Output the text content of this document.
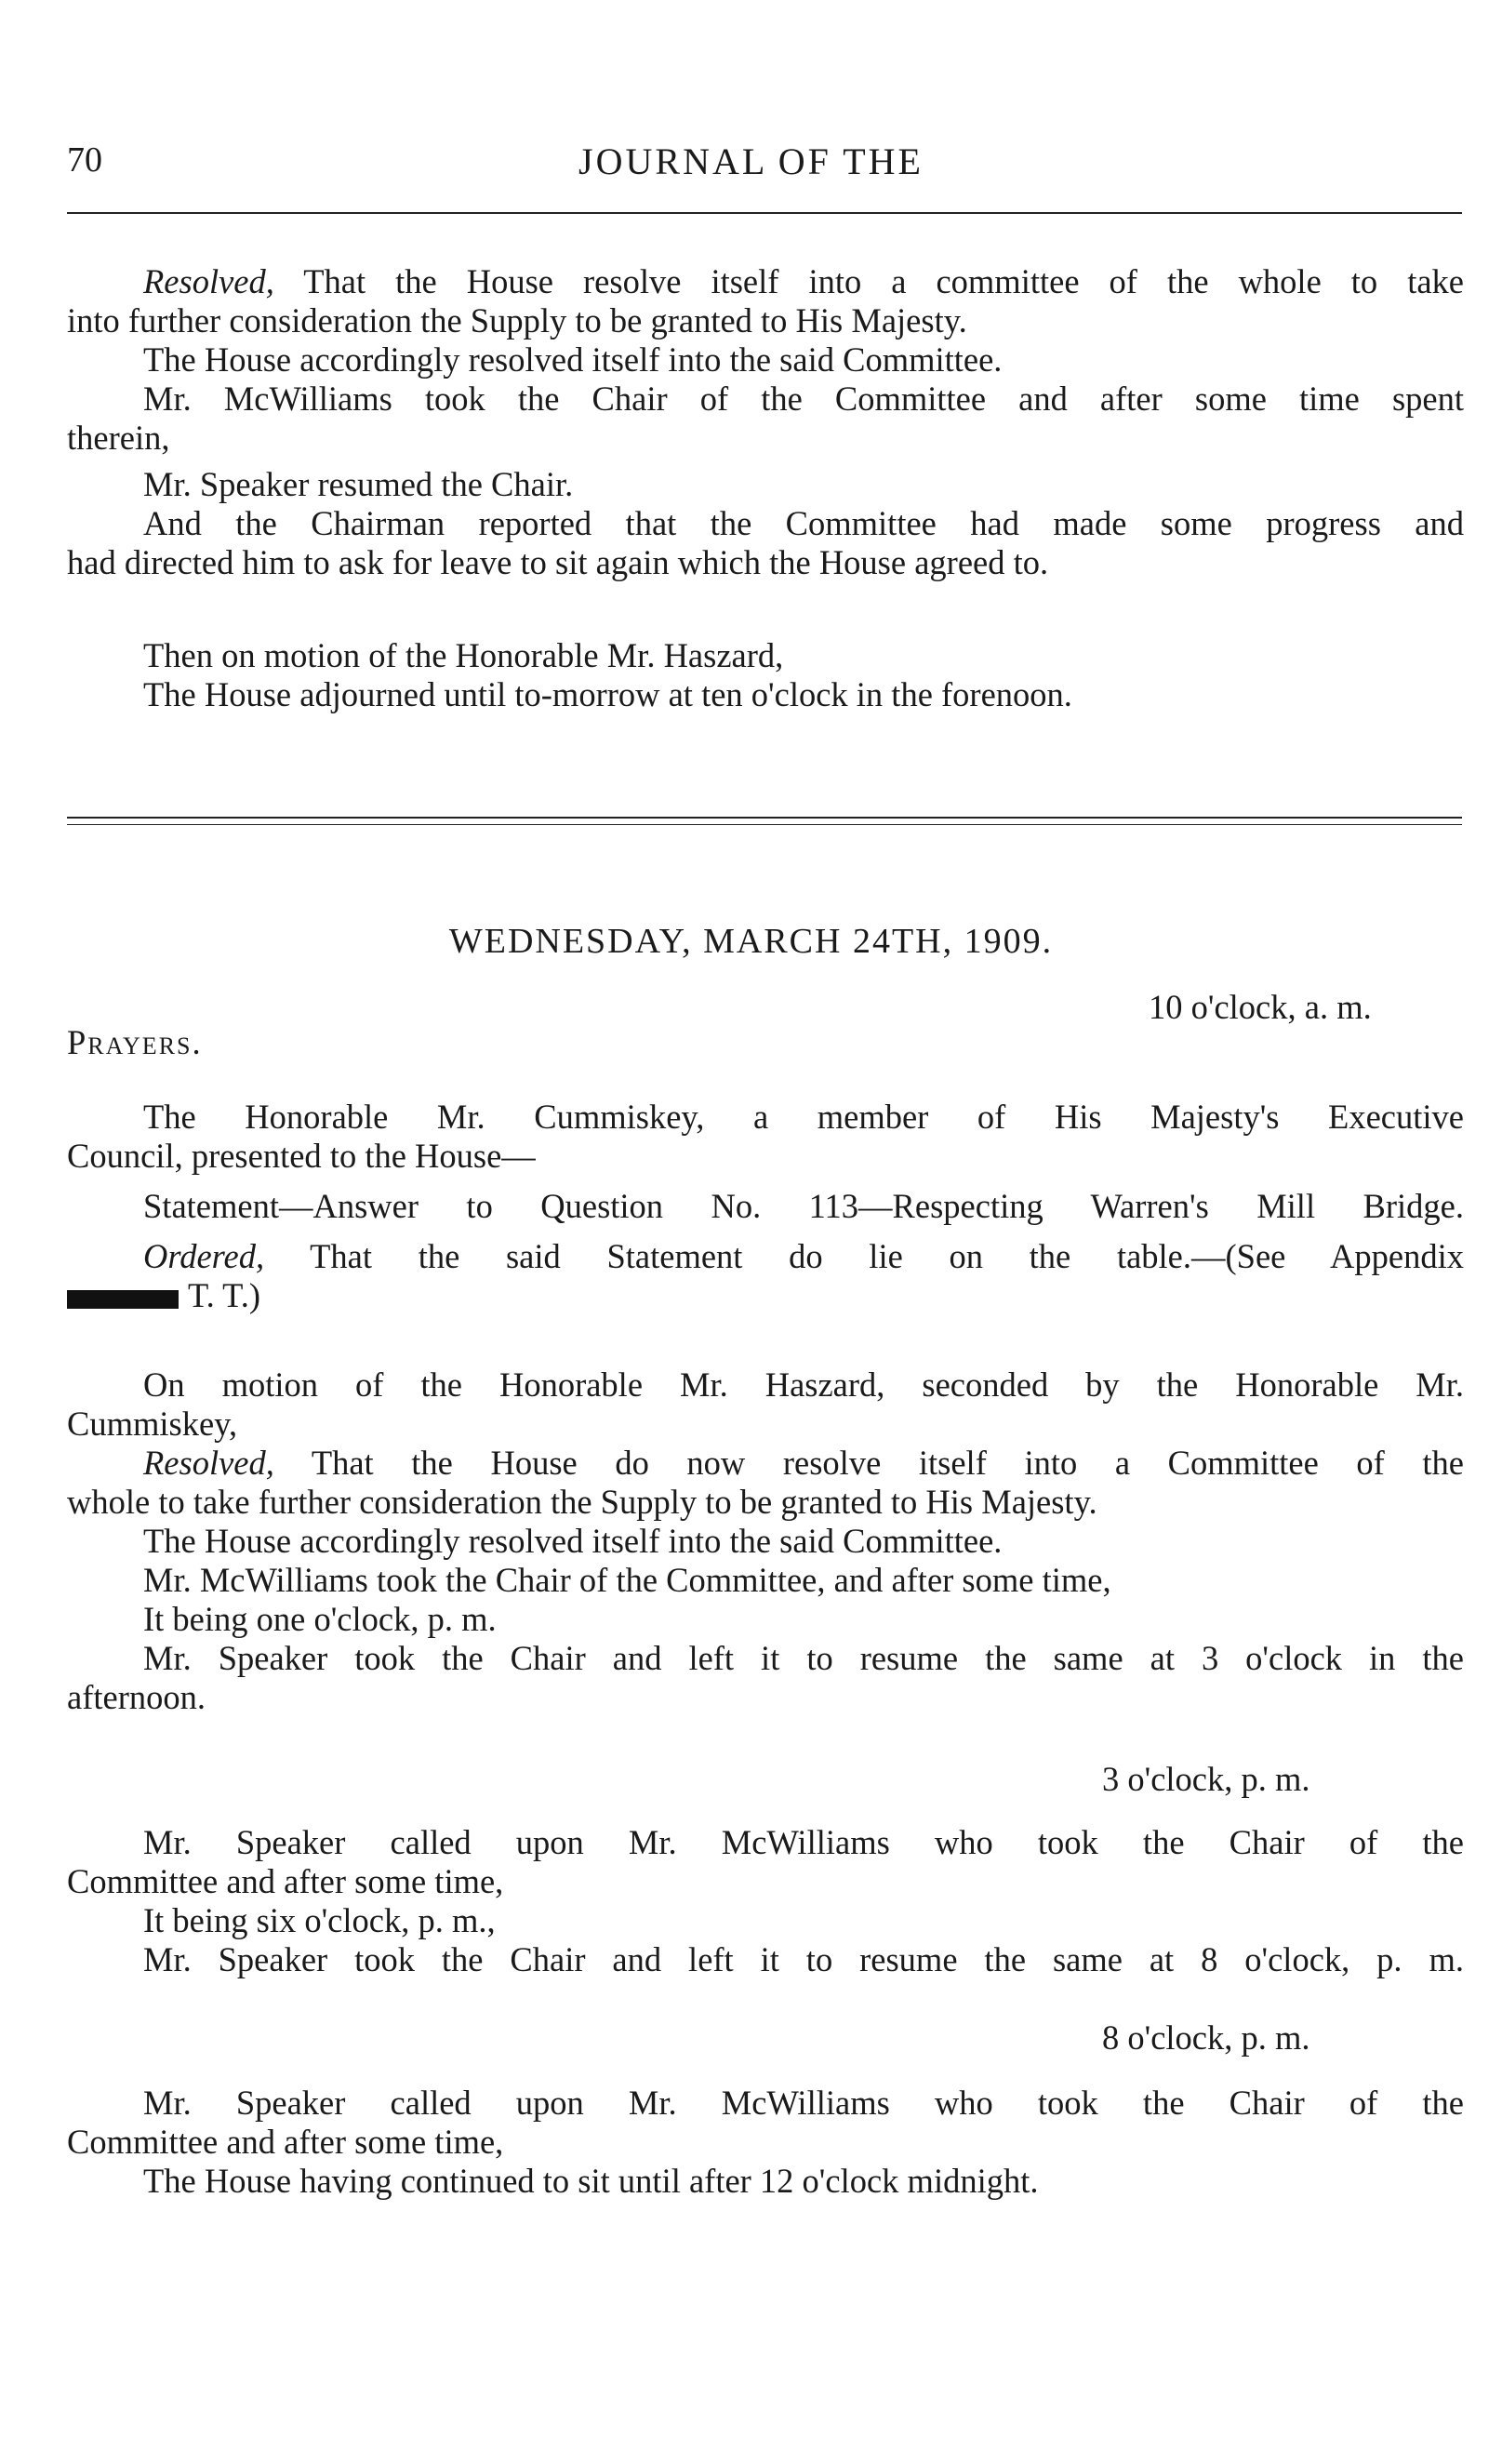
70	JOURNAL OF THE
Resolved, That the House resolve itself into a committee of the whole to take
into further consideration the Supply to be granted to His Majesty.
The House accordingly resolved itself into the said Committee.
Mr. McWilliams took the Chair of the Committee and after some time spent
therein,
Mr. Speaker resumed the Chair.
And the Chairman reported that the Committee had made some progress and
had directed him to ask for leave to sit again which the House agreed to.
Then on motion of the Honorable Mr. Haszard,
The House adjourned until to-morrow at ten o'clock in the forenoon.
WEDNESDAY, MARCH 24TH, 1909.
10 o'clock, a. m.
Prayers.
The Honorable Mr. Cummiskey, a member of His Majesty's Executive
Council, presented to the House—
Statement—Answer to Question No. 113—Respecting Warren's Mill Bridge.
Ordered, That the said Statement do lie on the table.—(See Appendix
T. T.)
On motion of the Honorable Mr. Haszard, seconded by the Honorable Mr.
Cummiskey,
Resolved, That the House do now resolve itself into a Committee of the
whole to take further consideration the Supply to be granted to His Majesty.
The House accordingly resolved itself into the said Committee.
Mr. McWilliams took the Chair of the Committee, and after some time,
It being one o'clock, p. m.
Mr. Speaker took the Chair and left it to resume the same at 3 o'clock in the
afternoon.
3 o'clock, p. m.
Mr. Speaker called upon Mr. McWilliams who took the Chair of the
Committee and after some time,
It being six o'clock, p. m.,
Mr. Speaker took the Chair and left it to resume the same at 8 o'clock, p. m.
8 o'clock, p. m.
Mr. Speaker called upon Mr. McWilliams who took the Chair of the
Committee and after some time,
The House having continued to sit until after 12 o'clock midnight.
